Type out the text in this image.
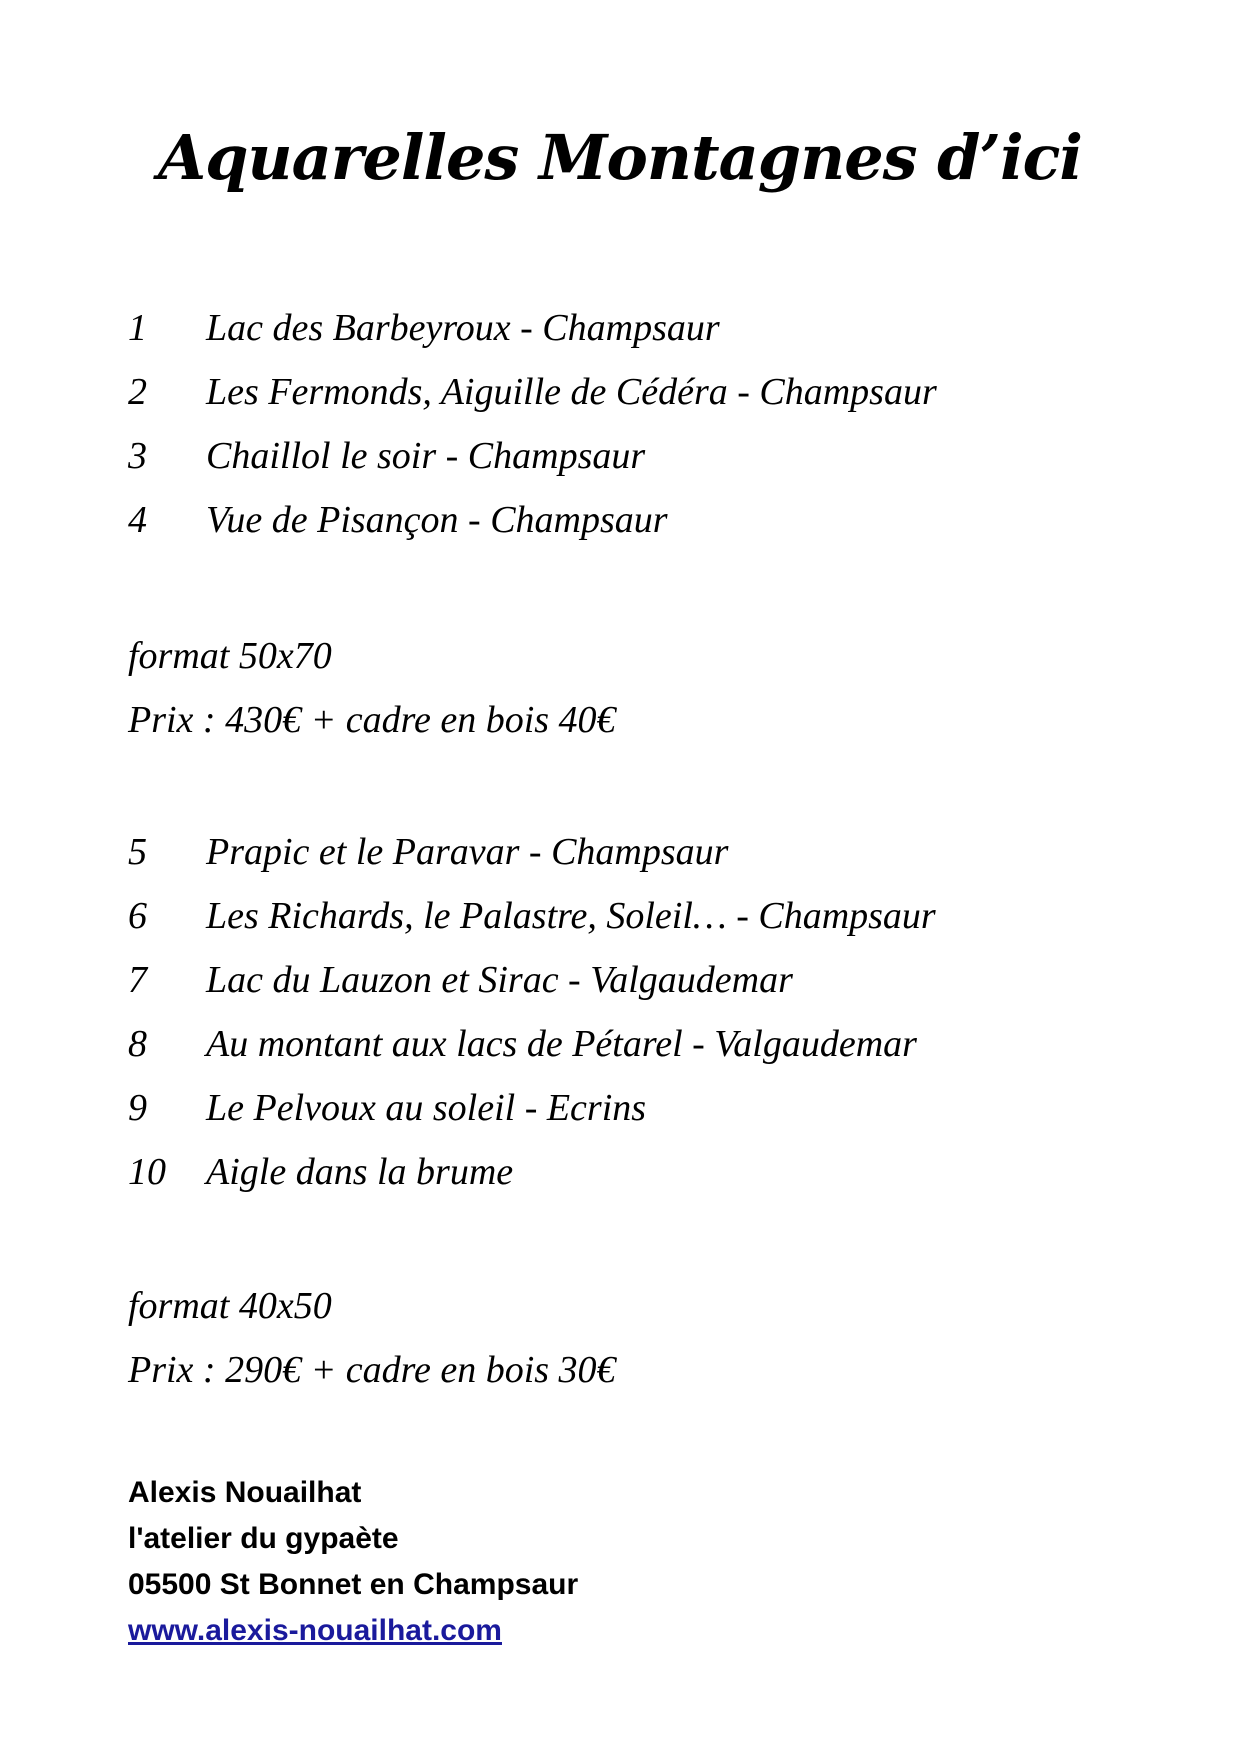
Aquarelles Montagnes d’ici
1 Lac des Barbeyroux - Champsaur
2 Les Fermonds, Aiguille de Cédéra - Champsaur
3 Chaillol le soir - Champsaur
4 Vue de Pisançon - Champsaur
format 50x70
Prix : 430€ + cadre en bois 40€
5 Prapic et le Paravar - Champsaur
6 Les Richards, le Palastre, Soleil… - Champsaur
7 Lac du Lauzon et Sirac - Valgaudemar
8 Au montant aux lacs de Pétarel - Valgaudemar
9 Le Pelvoux au soleil - Ecrins
10 Aigle dans la brume
format 40x50
Prix : 290€ + cadre en bois 30€
Alexis Nouailhat
l'atelier du gypaète
05500 St Bonnet en Champsaur
www.alexis-nouailhat.com
